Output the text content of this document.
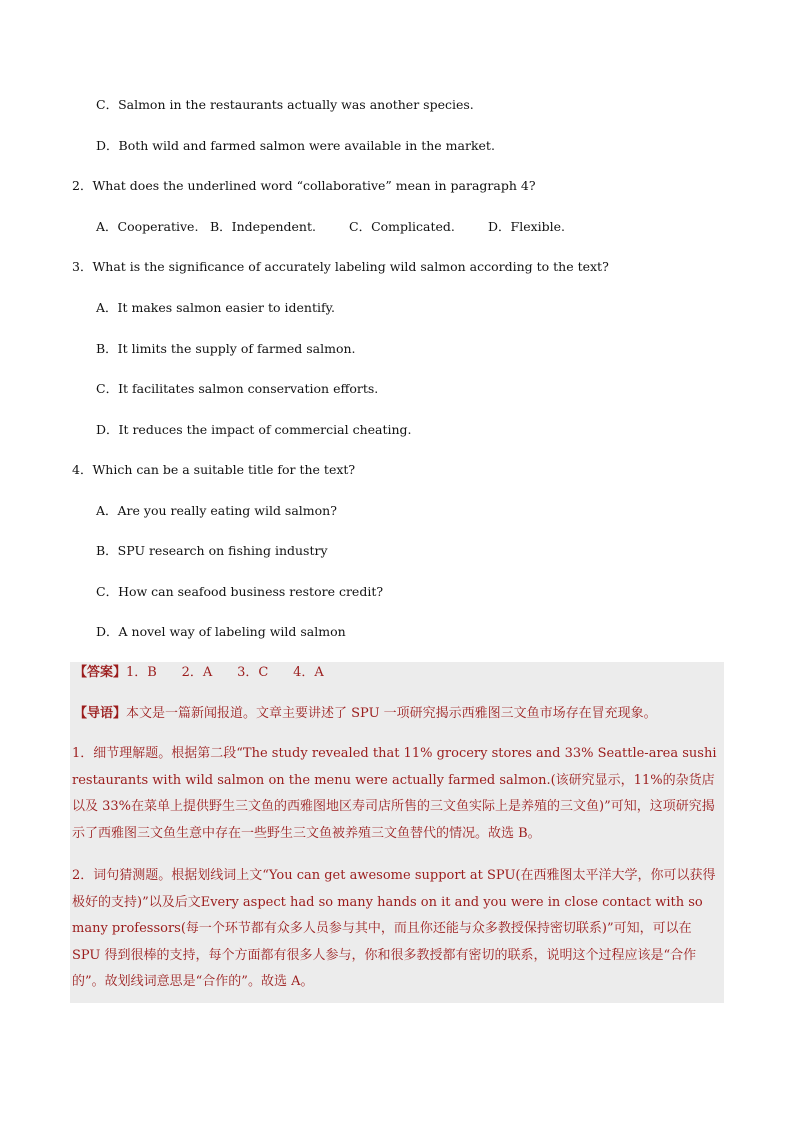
C．Salmon in the restaurants actually was another species.
D．Both wild and farmed salmon were available in the market.
2．What does the underlined word “collaborative” mean in paragraph 4?
A．Cooperative. B．Independent.	C．Complicated.	D．Flexible.
3．What is the significance of accurately labeling wild salmon according to the text?
A．It makes salmon easier to identify.
B．It limits the supply of farmed salmon.
C．It facilitates salmon conservation efforts.
D．It reduces the impact of commercial cheating.
4．Which can be a suitable title for the text?
A．Are you really eating wild salmon?
B．SPU research on fishing industry
C．How can seafood business restore credit?
D．A novel way of labeling wild salmon
【答案】1．B      2．A      3．C      4．A
【导语】本文是一篇新闻报道。文章主要讲述了 SPU 一项研究揭示西雅图三文鱼市场存在冒充现象。

1．细节理解题。根据第二段“The study revealed that 11% grocery stores and 33% Seattle-area sushi restaurants with wild salmon on the menu were actually farmed salmon.(该研究显示，11%的杂货店以及 33%在菜单上提供野生三文鱼的西雅图地区寿司店所售的三文鱼实际上是养殖的三文鱼)”可知，这项研究揭示了西雅图三文鱼生意中存在一些野生三文鱼被养殖三文鱼替代的情况。故选 B。

2．词句猜测题。根据划线词上文“You can get awesome support at SPU(在西雅图太平洋大学，你可以获得极好的支持)”以及后文Every aspect had so many hands on it and you were in close contact with so many professors(每一个环节都有众多人员参与其中，而且你还能与众多教授保持密切联系)”可知，可以在 SPU 得到很棒的支持，每个方面都有很多人参与，你和很多教授都有密切的联系，说明这个过程应该是“合作的”。故划线词意思是“合作的”。故选 A。
